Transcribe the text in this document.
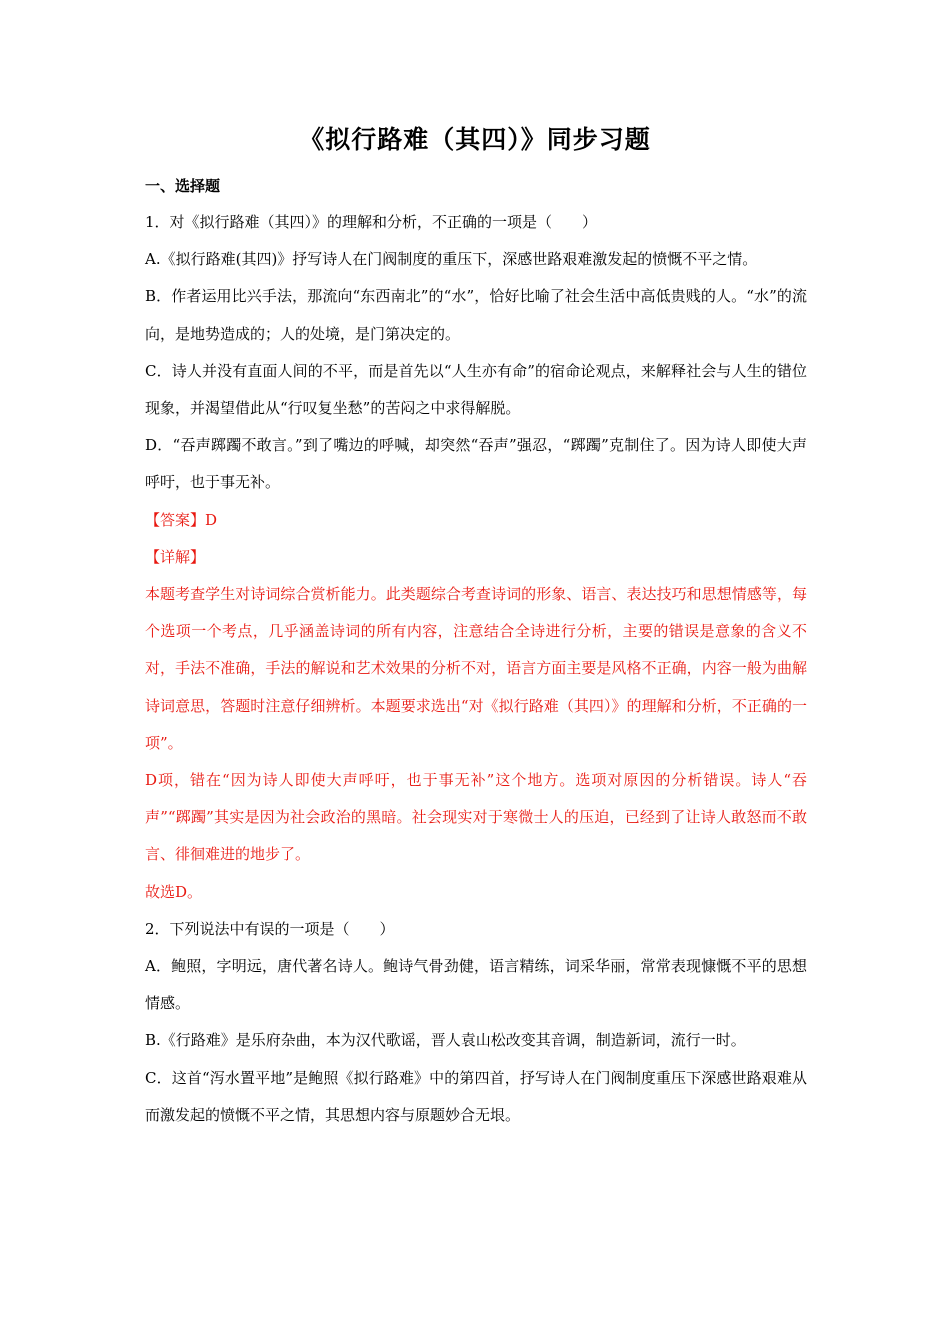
《拟行路难（其四）》同步习题

一、选择题

1．对《拟行路难（其四）》的理解和分析，不正确的一项是（　　）

A.《拟行路难(其四)》抒写诗人在门阀制度的重压下，深感世路艰难激发起的愤慨不平之情。

B．作者运用比兴手法，那流向“东西南北”的“水”，恰好比喻了社会生活中高低贵贱的人。“水”的流向，是地势造成的；人的处境，是门第决定的。

C．诗人并没有直面人间的不平，而是首先以“人生亦有命”的宿命论观点，来解释社会与人生的错位现象，并渴望借此从“行叹复坐愁”的苦闷之中求得解脱。

D．“吞声踯躅不敢言。”到了嘴边的呼喊，却突然“吞声”强忍，“踯躅”克制住了。因为诗人即使大声呼吁，也于事无补。

【答案】D

【详解】

本题考查学生对诗词综合赏析能力。此类题综合考查诗词的形象、语言、表达技巧和思想情感等，每个选项一个考点，几乎涵盖诗词的所有内容，注意结合全诗进行分析，主要的错误是意象的含义不对，手法不准确，手法的解说和艺术效果的分析不对，语言方面主要是风格不正确，内容一般为曲解诗词意思，答题时注意仔细辨析。本题要求选出“对《拟行路难（其四）》的理解和分析，不正确的一项”。

D项，错在“因为诗人即使大声呼吁，也于事无补”这个地方。选项对原因的分析错误。诗人“吞声”“踯躅”其实是因为社会政治的黑暗。社会现实对于寒微士人的压迫，已经到了让诗人敢怒而不敢言、徘徊难进的地步了。

故选D。

2．下列说法中有误的一项是（　　）

A．鲍照，字明远，唐代著名诗人。鲍诗气骨劲健，语言精练，词采华丽，常常表现慷慨不平的思想情感。

B.《行路难》是乐府杂曲，本为汉代歌谣，晋人袁山松改变其音调，制造新词，流行一时。

C．这首“泻水置平地”是鲍照《拟行路难》中的第四首，抒写诗人在门阀制度重压下深感世路艰难从而激发起的愤慨不平之情，其思想内容与原题妙合无垠。
